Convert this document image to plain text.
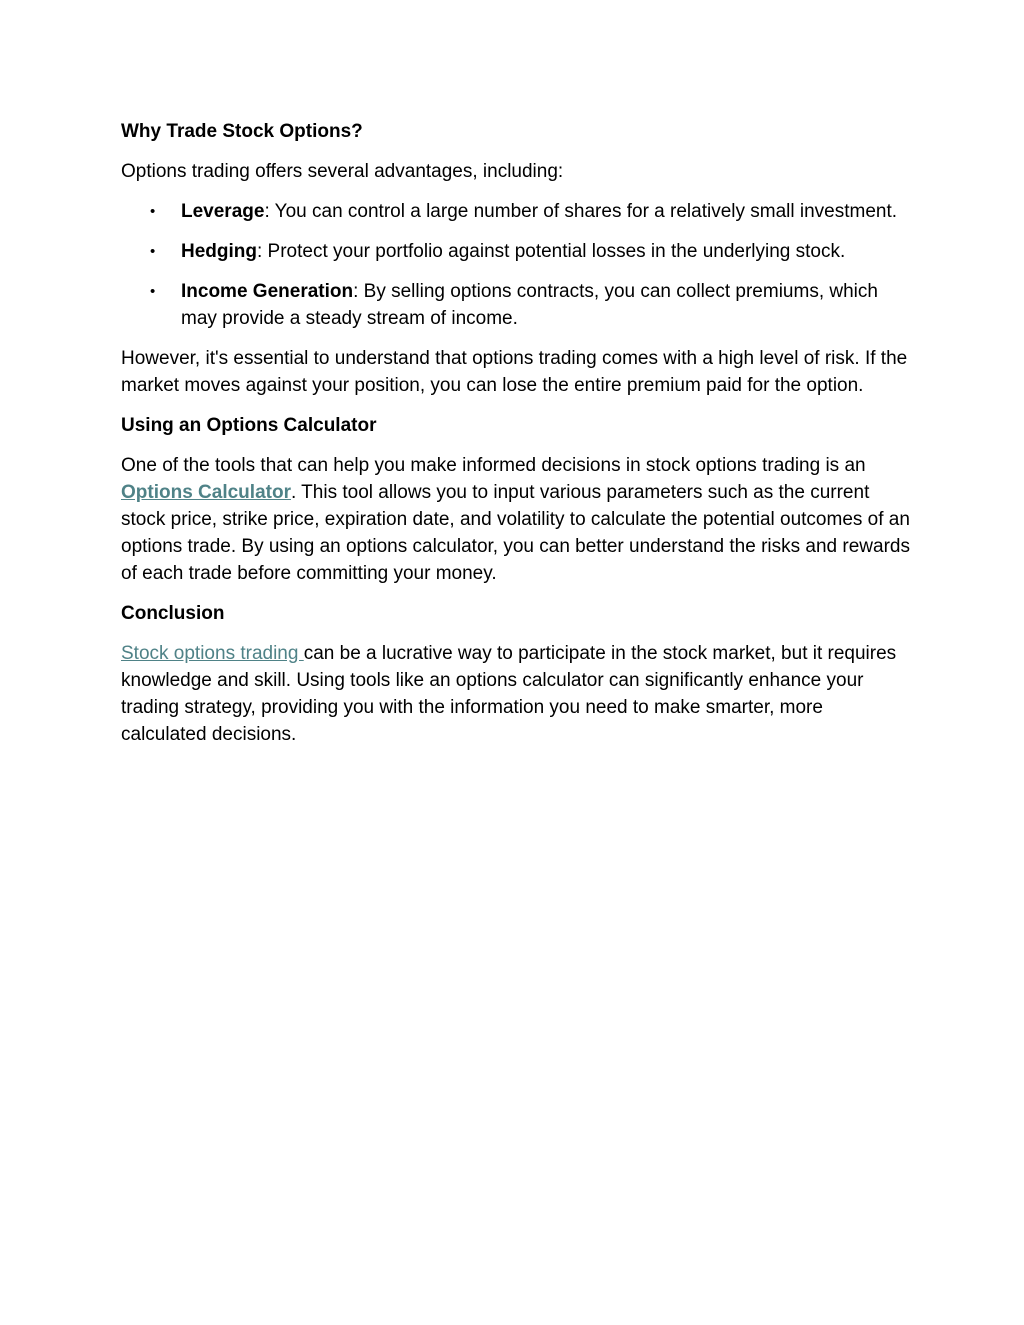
Why Trade Stock Options?
Options trading offers several advantages, including:
• Leverage: You can control a large number of shares for a relatively small investment.
• Hedging: Protect your portfolio against potential losses in the underlying stock.
• Income Generation: By selling options contracts, you can collect premiums, which may provide a steady stream of income.
However, it's essential to understand that options trading comes with a high level of risk. If the market moves against your position, you can lose the entire premium paid for the option.
Using an Options Calculator
One of the tools that can help you make informed decisions in stock options trading is an Options Calculator. This tool allows you to input various parameters such as the current stock price, strike price, expiration date, and volatility to calculate the potential outcomes of an options trade. By using an options calculator, you can better understand the risks and rewards of each trade before committing your money.
Conclusion
Stock options trading can be a lucrative way to participate in the stock market, but it requires knowledge and skill. Using tools like an options calculator can significantly enhance your trading strategy, providing you with the information you need to make smarter, more calculated decisions.
